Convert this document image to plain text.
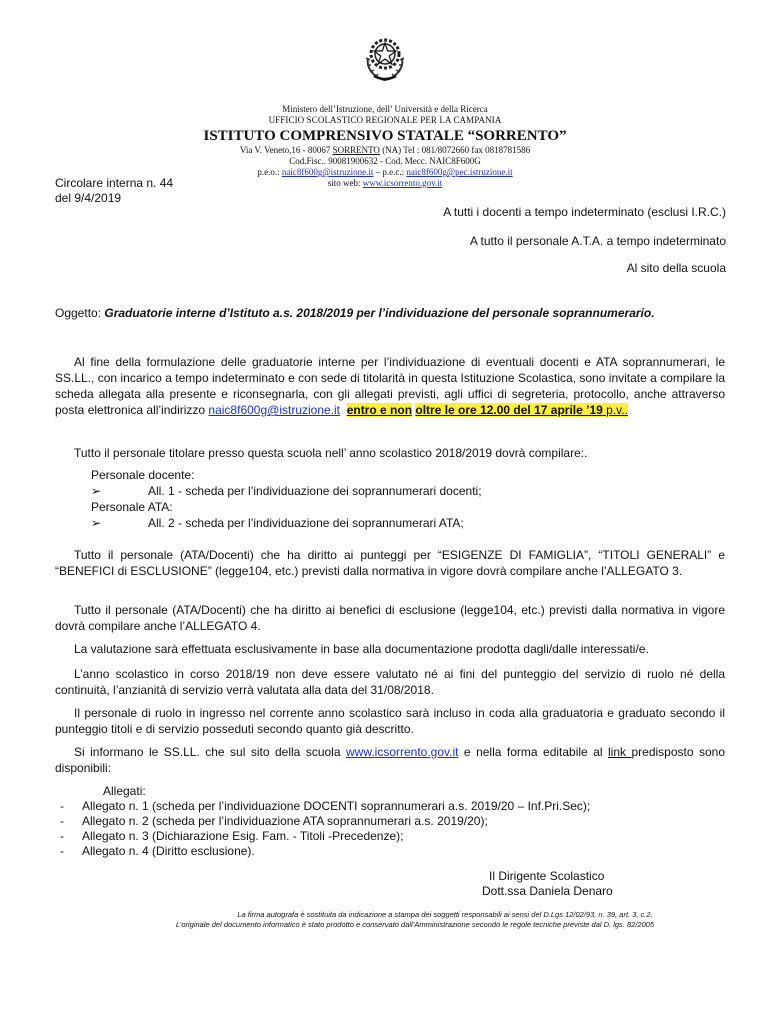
Ministero dell’Istruzione, dell’ Università e della Ricerca
UFFICIO SCOLASTICO REGIONALE PER LA CAMPANIA
ISTITUTO COMPRENSIVO STATALE “SORRENTO”
Via V. Veneto,16 - 80067 SORRENTO (NA) Tel : 081/8072660 fax 0818781586
Cod.Fisc.. 90081900632 - Cod. Mecc. NAIC8F600G
p.e.o.: naic8f600g@istruzione.it – p.e.c.: naic8f600g@pec.istruzione.it
sito web: www.icsorrento.gov.it
Circolare interna n. 44
del 9/4/2019
A tutti i docenti a tempo indeterminato (esclusi I.R.C.)
A tutto il personale A.T.A. a tempo indeterminato
Al sito della scuola
Oggetto: Graduatorie interne d’Istituto a.s. 2018/2019 per l’individuazione del personale soprannumerario.
Al fine della formulazione delle graduatorie interne per l’individuazione di eventuali docenti e ATA soprannumerari, le SS.LL., con incarico a tempo indeterminato e con sede di titolarità in questa Istituzione Scolastica, sono invitate a compilare la scheda allegata alla presente e riconsegnarla, con gli allegati previsti, agli uffici di segreteria, protocollo, anche attraverso posta elettronica all’indirizzo naic8f600g@istruzione.it entro e non oltre le ore 12.00 del 17 aprile ’19 p.v..
Tutto il personale titolare presso questa scuola nell’ anno scolastico 2018/2019 dovrà compilare:.
Personale docente:
➢	All. 1 - scheda per l’individuazione dei soprannumerari docenti;
Personale ATA:
➢	All. 2 - scheda per l’individuazione dei soprannumerari ATA;
Tutto il personale (ATA/Docenti) che ha diritto ai punteggi per “ESIGENZE DI FAMIGLIA”, “TITOLI GENERALI” e “BENEFICI di ESCLUSIONE” (legge104, etc.) previsti dalla normativa in vigore dovrà compilare anche l’ALLEGATO 3.
Tutto il personale (ATA/Docenti) che ha diritto ai benefici di esclusione (legge104, etc.) previsti dalla normativa in vigore dovrà compilare anche l’ALLEGATO 4.
La valutazione sarà effettuata esclusivamente in base alla documentazione prodotta dagli/dalle interessati/e.
L’anno scolastico in corso 2018/19 non deve essere valutato né ai fini del punteggio del servizio di ruolo né della continuità, l’anzianità di servizio verrà valutata alla data del 31/08/2018.
Il personale di ruolo in ingresso nel corrente anno scolastico sarà incluso in coda alla graduatoria e graduato secondo il punteggio titoli e di servizio posseduti secondo quanto già descritto.
Si informano le SS.LL. che sul sito della scuola www.icsorrento.gov.it e nella forma editabile al link predisposto sono disponibili:
Allegati:
- Allegato n. 1 (scheda per l’individuazione DOCENTI soprannumerari a.s. 2019/20 – Inf.Pri.Sec);
- Allegato n. 2 (scheda per l’individuazione ATA soprannumerari a.s. 2019/20);
- Allegato n. 3 (Dichiarazione Esig. Fam. - Titoli -Precedenze);
- Allegato n. 4 (Diritto esclusione).
Il Dirigente Scolastico
Dott.ssa Daniela Denaro
La firma autografa è sostituita da indicazione a stampa dei soggetti responsabili ai sensi del D.Lgs 12/02/93, n. 39, art. 3, c.2.
L’originale del documento informatico è stato prodotto e conservato dall’Amministrazione secondo le regole tecniche previste dal D. lgs. 82/2005
